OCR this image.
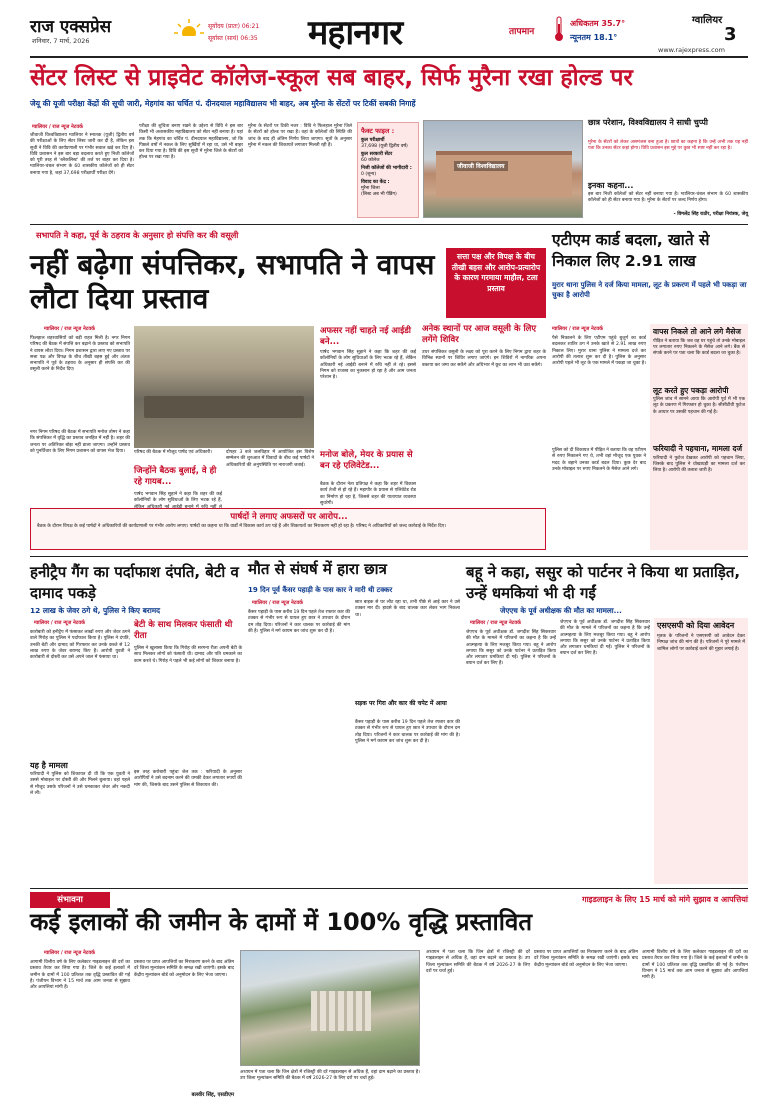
राज एक्सप्रेस
शनिवार, 7 मार्च, 2026
सूर्योदय (प्रातः) 06:21
सूर्यास्त (सायं) 06:35 महानगर	तापमान
अधिकतम 35.7°
न्यूनतम 18.1°
ग्वालियर
3
www.rajexpress.com
सेंटर लिस्ट से प्राइवेट कॉलेज-स्कूल सब बाहर, सिर्फ मुरैना रखा होल्ड पर
जेयू की यूजी परीक्षा केंद्रों की सूची जारी, मेहगांव का चर्चित पं. दीनदयाल महाविद्यालय भी बाहर, अब मुरैना के सेंटरों पर टिकीं सबकी निगाहें
ग्वालियर / राज न्यूज नेटवर्क
जीवाजी विश्वविद्यालय ग्वालियर ने स्नातक (यूजी) द्वितीय वर्ष की परीक्षाओं के लिए सेंटर लिस्ट जारी कर दी है, लेकिन इस सूची ने विवि की कार्यप्रणाली पर गंभीर सवाल खड़े कर दिए हैं। विवि प्रशासन ने इस बार बड़ा बदलाव करते हुए निजी कॉलेजों को पूरी तरह से 'ब्लैकलिस्ट' की तर्ज पर बाहर कर दिया है। ग्वालियर-चंबल संभाग के 60 शासकीय कॉलेजों को ही सेंटर बनाया गया है, जहां 37,698 परीक्षार्थी परीक्षा देंगे।
परीक्षा की शुचिता बनाए रखने के उद्देश्य से विवि ने इस बार किसी भी अशासकीय महाविद्यालय को सेंटर नहीं बनाया है। यहां तक कि मेहगांव का चर्चित पं. दीनदयाल महाविद्यालय, जो कि पिछले वर्षों में नकल के लिए सुर्खियों में रहा था, उसे भी बाहर कर दिया गया है। विवि की इस सूची में मुरैना जिले के सेंटरों को होल्ड पर रखा गया है।
मुरैना के सेंटरों पर टिकी नजर : विवि ने फिलहाल मुरैना जिले के सेंटरों को होल्ड पर रखा है। वहां के कॉलेजों की स्थिति की जांच के बाद ही अंतिम निर्णय लिया जाएगा। सूत्रों के अनुसार मुरैना में नकल की शिकायतें लगातार मिलती रही हैं।
फैक्ट फाइल :
कुल परीक्षार्थी
37,698 (यूजी द्वितीय वर्ष)
कुल सरकारी सेंटर
60 कॉलेज
निजी कॉलेजों की भागीदारी :
0 (शून्य)
विवाद का केंद्र :
मुरैना जिला
(लिस्ट अब भी पेंडिंग)
जीवाजी विश्वविद्यालय
छात्र परेशान, विश्वविद्यालय ने साधी चुप्पी
मुरैना के सेंटरों को लेकर असमंजस बना हुआ है। छात्रों का कहना है कि उन्हें अभी तक यह नहीं पता कि उनका सेंटर कहां होगा। विवि प्रशासन इस मुद्दे पर कुछ भी स्पष्ट नहीं कर रहा है।
इनका कहना...
इस बार निजी कॉलेजों को सेंटर नहीं बनाया गया है। ग्वालियर-चंबल संभाग के 60 शासकीय कॉलेजों को ही सेंटर बनाया गया है। मुरैना के सेंटरों पर जल्द निर्णय होगा।
- विमलेंद्र सिंह राठौर, परीक्षा नियंत्रक, जेयू
सभापति ने कहा, पूर्व के ठहराव के अनुसार हो संपत्ति कर की वसूली
नहीं बढ़ेगा संपत्तिकर, सभापति ने वापस लौटा दिया प्रस्ताव
सत्ता पक्ष और विपक्ष के बीच तीखी बहस और आरोप-प्रत्यारोप के कारण गरमाया माहौल, टला प्रस्ताव
ग्वालियर / राज न्यूज नेटवर्क
फिलहाल शहरवासियों को बड़ी राहत मिली है। नगर निगम परिषद की बैठक में संपत्ति कर बढ़ाने के प्रस्ताव को सभापति ने वापस लौटा दिया। निगम प्रशासन द्वारा लाए गए प्रस्ताव पर सत्ता पक्ष और विपक्ष के बीच तीखी बहस हुई और अंततः सभापति ने पूर्व के ठहराव के अनुसार ही संपत्ति कर की वसूली करने के निर्देश दिए।
नगर निगम परिषद की बैठक में सभापति मनोज तोमर ने कहा कि संपत्तिकर में वृद्धि का प्रस्ताव जनहित में नहीं है। शहर की जनता पर अतिरिक्त बोझ नहीं डाला जाएगा। उन्होंने प्रस्ताव को पुनर्विचार के लिए निगम प्रशासन को वापस भेज दिया।	परिषद की बैठक में मौजूद पार्षद एवं अधिकारी।
जिन्होंने बैठक बुलाई, वे ही रहे गायब...
दोपहर 3 बजे जलविहार में आयोजित इस विशेष सम्मेलन की शुरुआत में विवादों के बीच कई पार्षदों ने अधिकारियों की अनुपस्थिति पर नाराजगी जताई।
पार्षद भगवान सिंह सुहाने ने कहा कि शहर की कई कॉलोनियों के लोग सुविधाओं के लिए भटक रहे हैं,
अफसर नहीं चाहते नई आईडी बने...
पार्षद भगवान सिंह सुहाने ने कहा कि शहर की कई कॉलोनियों के लोग सुविधाओं के लिए भटक रहे हैं, लेकिन अधिकारी नई आईडी बनाने में रुचि नहीं ले रहे। इससे निगम को राजस्व का नुकसान हो रहा है और आम जनता परेशान है।
मनोज बोले, मेयर के प्रयास से बन रहे एलिवेटेड...
बैठक के दौरान नेता प्रतिपक्ष ने कहा कि शहर में विकास कार्य तेजी से हो रहे हैं। महापौर के प्रयास से एलिवेटेड रोड का निर्माण हो रहा है, जिससे शहर की यातायात व्यवस्था सुधरेगी।
अनेक स्थानों पर आज वसूली के लिए लगेंगे शिविर
उधर संपत्तिकर वसूली के लक्ष्य को पूरा करने के लिए निगम द्वारा शहर के विभिन्न स्थानों पर शिविर लगाए जाएंगे। इन शिविरों में नागरिक अपना बकाया कर जमा कर सकेंगे और अधिभार में छूट का लाभ भी उठा सकेंगे।
पार्षदों ने लगाए अफसरों पर आरोप...
बैठक के दौरान विपक्ष के कई पार्षदों ने अधिकारियों की कार्यप्रणाली पर गंभीर आरोप लगाए। पार्षदों का कहना था कि वार्डों में विकास कार्य ठप पड़े हैं और शिकायतों का निराकरण नहीं हो रहा है। परिषद ने अधिकारियों को जल्द कार्रवाई के निर्देश दिए।
एटीएम कार्ड बदला, खाते से निकाल लिए 2.91 लाख
मुरार थाना पुलिस ने दर्ज किया मामला, लूट के प्रकरण में पहले भी पकड़ा जा चुका है आरोपी
ग्वालियर / राज न्यूज नेटवर्क
पैसे निकालने के लिए एटीएम पहुंचे बुजुर्ग का कार्ड बदलकर शातिर ठग ने उनके खाते से 2.91 लाख रुपए निकाल लिए। मुरार थाना पुलिस ने मामला दर्ज कर आरोपी की तलाश शुरू कर दी है। पुलिस के अनुसार आरोपी पहले भी लूट के एक मामले में पकड़ा जा चुका है।
पुलिस को दी शिकायत में पीड़ित ने बताया कि वह एटीएम से रुपए निकालने गए थे, तभी वहां मौजूद एक युवक ने मदद के बहाने उनका कार्ड बदल दिया। कुछ देर बाद उनके मोबाइल पर रुपए निकलने के मैसेज आने लगे।
वापस निकले तो आने लगे मैसेज
पीड़ित ने बताया कि जब वह घर पहुंचे तो उनके मोबाइल पर लगातार रुपए निकलने के मैसेज आने लगे। बैंक से संपर्क करने पर पता चला कि कार्ड बदला जा चुका है।
लूट करते हुए पकड़ा आरोपी
पुलिस जांच में सामने आया कि आरोपी पूर्व में भी एक लूट के प्रकरण में गिरफ्तार हो चुका है। सीसीटीवी फुटेज के आधार पर उसकी पहचान की गई है।
फरियादी ने पहचाना, मामला दर्ज
फरियादी ने फुटेज देखकर आरोपी को पहचान लिया, जिसके बाद पुलिस ने धोखाधड़ी का मामला दर्ज कर लिया है। आरोपी की तलाश जारी है।
हनीट्रैप गैंग का पर्दाफाश दंपति, बेटी व दामाद पकड़े
12 लाख के जेवर ठगे थे, पुलिस ने किए बरामद
ग्वालियर / राज न्यूज नेटवर्क
कारोबारी को हनीट्रैप में फंसाकर लाखों रुपए और जेवर ठगने वाले गिरोह का पुलिस ने पर्दाफाश किया है। पुलिस ने दंपति, उनकी बेटी और दामाद को गिरफ्तार कर उनके कब्जे से 12 लाख रुपए के जेवर बरामद किए हैं। आरोपी युवती ने कारोबारी से दोस्ती कर उसे अपने जाल में फंसाया था।
यह है मामला
फरियादी ने पुलिस को शिकायत दी थी कि एक युवती ने उससे मोबाइल पर दोस्ती की और मिलने बुलाया। वहां पहले से मौजूद उसके परिजनों ने उसे धमकाकर जेवर और नकदी ले ली।
बेटी के साथ मिलकर फंसाती थी रीता
पुलिस ने खुलासा किया कि गिरोह की सरगना रीता अपनी बेटी के साथ मिलकर लोगों को फंसाती थी। दामाद और पति धमकाने का काम करते थे। गिरोह ने पहले भी कई लोगों को शिकार बनाया है।
इस तरह करोबारी पहुंचा जेल तक : फरियादी के अनुसार आरोपियों ने उसे बदनाम करने की धमकी देकर लगातार रुपयों की मांग की, जिसके बाद उसने पुलिस से शिकायत की।
मौत से संघर्ष में हारा छात्र
19 दिन पूर्व कैंसर पहाड़ी के पास कार ने मारी थी टक्कर
ग्वालियर / राज न्यूज नेटवर्क
कैंसर पहाड़ी के पास करीब 19 दिन पहले तेज रफ्तार कार की टक्कर से गंभीर रूप से घायल हुए छात्र ने उपचार के दौरान दम तोड़ दिया। परिजनों ने कार चालक पर कार्रवाई की मांग की है। पुलिस ने मर्ग कायम कर जांच शुरू कर दी है।
छात्र बाइक से घर लौट रहा था, तभी पीछे से आई कार ने उसे टक्कर मार दी। हादसे के बाद चालक कार लेकर भाग निकला था।
सड़क पर गिरा और कार की चपेट में आया
कैंसर पहाड़ी के पास करीब 19 दिन पहले तेज रफ्तार कार की टक्कर से गंभीर रूप से घायल हुए छात्र ने उपचार के दौरान दम तोड़ दिया। परिजनों ने कार चालक पर कार्रवाई की मांग की है। पुलिस ने मर्ग कायम कर जांच शुरू कर दी है।
बहू ने कहा, ससुर को पार्टनर ने किया था प्रताड़ित, उन्हें धमकियां भी दी गईं
जेएएच के पूर्व अधीक्षक की मौत का मामला...
ग्वालियर / राज न्यूज नेटवर्क
जेएएच के पूर्व अधीक्षक डॉ. जगदीश सिंह सिकरवार की मौत के मामले में परिजनों का कहना है कि उन्हें आत्महत्या के लिए मजबूर किया गया। बहू ने आरोप लगाया कि ससुर को उनके पार्टनर ने प्रताड़ित किया और लगातार धमकियां दी गईं। पुलिस ने परिजनों के बयान दर्ज कर लिए हैं।
जेएएच के पूर्व अधीक्षक डॉ. जगदीश सिंह सिकरवार की मौत के मामले में परिजनों का कहना है कि उन्हें आत्महत्या के लिए मजबूर किया गया। बहू ने आरोप लगाया कि ससुर को उनके पार्टनर ने प्रताड़ित किया और लगातार धमकियां दी गईं। पुलिस ने परिजनों के बयान दर्ज कर लिए हैं।
एसएसपी को दिया आवेदन
मृतक के परिजनों ने एसएसपी को आवेदन देकर निष्पक्ष जांच की मांग की है। परिजनों ने पूरे मामले में शामिल लोगों पर कार्रवाई करने की गुहार लगाई है।
संभावना	गाइडलाइन के लिए 15 मार्च को मांगे सुझाव व आपत्तियां
कई इलाकों की जमीन के दामों में 100% वृद्धि प्रस्तावित
ग्वालियर / राज न्यूज नेटवर्क
आगामी वित्तीय वर्ष के लिए कलेक्टर गाइडलाइन की दरों का प्रस्ताव तैयार कर लिया गया है। जिले के कई इलाकों में जमीन के दामों में 100 प्रतिशत तक वृद्धि प्रस्तावित की गई है। पंजीयन विभाग ने 15 मार्च तक आम जनता से सुझाव और आपत्तियां मांगी हैं।
प्रस्ताव पर प्राप्त आपत्तियों का निराकरण करने के बाद अंतिम दरें जिला मूल्यांकन समिति के समक्ष रखी जाएंगी। इसके बाद केंद्रीय मूल्यांकन बोर्ड को अनुमोदन के लिए भेजा जाएगा।
बलवीर सिंह, एसडीएम
अध्ययन में पता चला कि जिन क्षेत्रों में रजिस्ट्री की दरें गाइडलाइन से अधिक हैं, वहां दाम बढ़ाने का प्रस्ताव है। उप जिला मूल्यांकन समिति की बैठक में वर्ष 2026-27 के लिए दरों पर चर्चा हुई।
अध्ययन में पता चला कि जिन क्षेत्रों में रजिस्ट्री की दरें गाइडलाइन से अधिक हैं, वहां दाम बढ़ाने का प्रस्ताव है। उप जिला मूल्यांकन समिति की बैठक में वर्ष 2026-27 के लिए दरों पर चर्चा हुई।
प्रस्ताव पर प्राप्त आपत्तियों का निराकरण करने के बाद अंतिम दरें जिला मूल्यांकन समिति के समक्ष रखी जाएंगी। इसके बाद केंद्रीय मूल्यांकन बोर्ड को अनुमोदन के लिए भेजा जाएगा।
आगामी वित्तीय वर्ष के लिए कलेक्टर गाइडलाइन की दरों का प्रस्ताव तैयार कर लिया गया है। जिले के कई इलाकों में जमीन के दामों में 100 प्रतिशत तक वृद्धि प्रस्तावित की गई है। पंजीयन विभाग ने 15 मार्च तक आम जनता से सुझाव और आपत्तियां मांगी हैं।
